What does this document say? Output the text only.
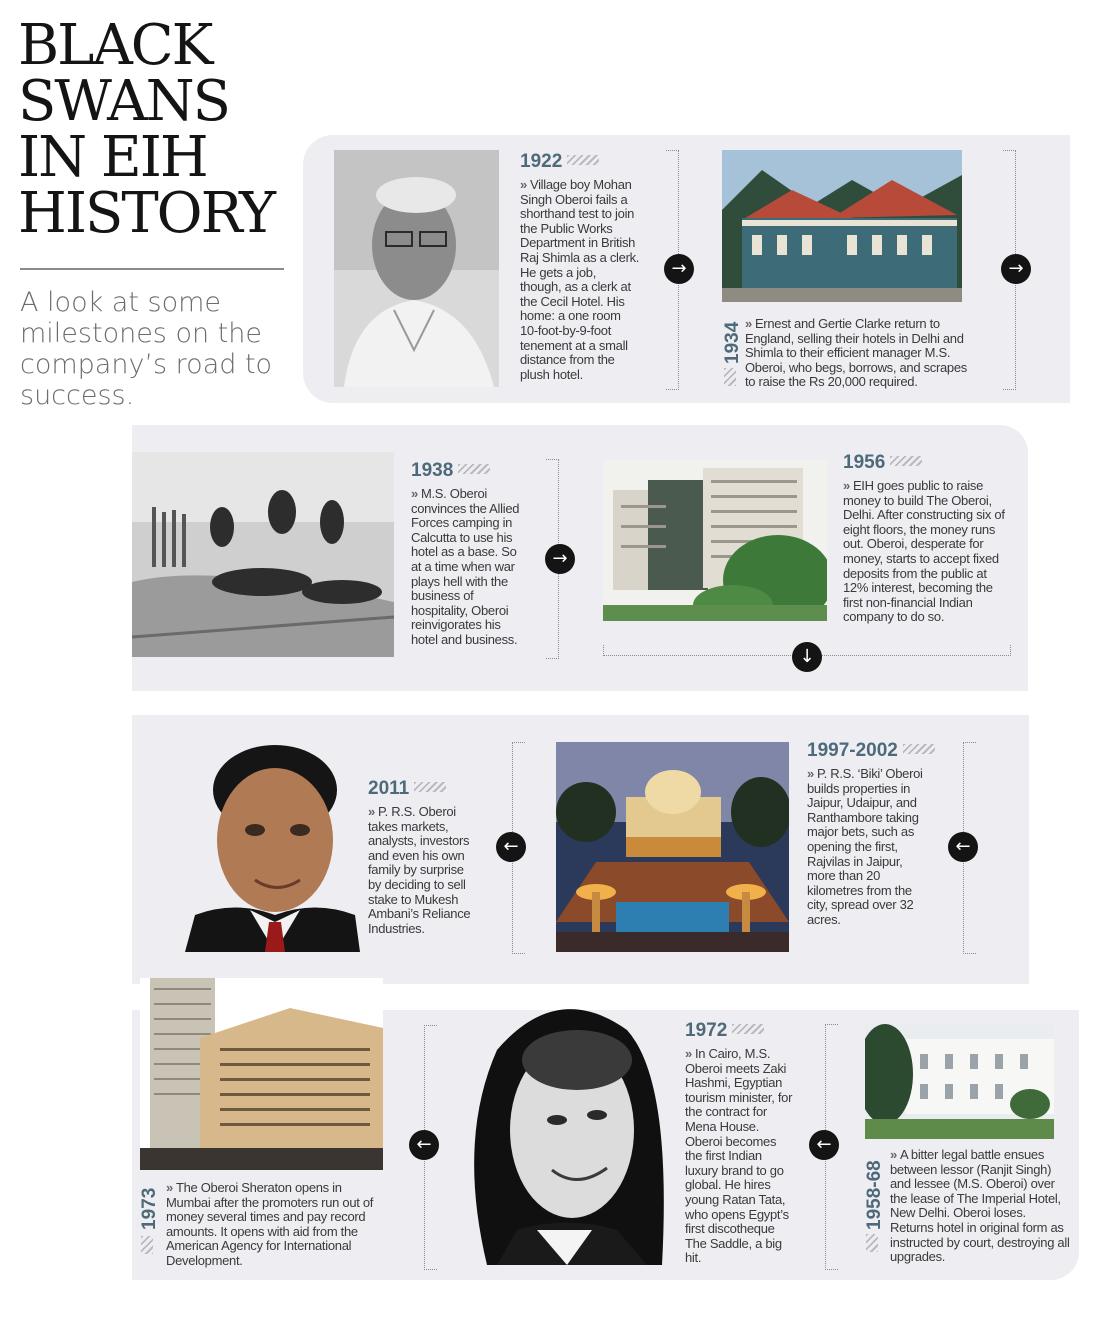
BLACK
SWANS
IN EIH
HISTORY

A look at some milestones on the company’s road to success.

1922

» Village boy Mohan Singh Oberoi fails a shorthand test to join the Public Works Department in British Raj Shimla as a clerk. He gets a job, though, as a clerk at the Cecil Hotel. His home: a one room 10-foot-by-9-foot tenement at a small distance from the plush hotel.

→
1934

» Ernest and Gertie Clarke return to England, selling their hotels in Delhi and Shimla to their efficient manager M.S. Oberoi, who begs, borrows, and scrapes to raise the Rs 20,000 required.

→
1938

» M.S. Oberoi convinces the Allied Forces camping in Calcutta to use his hotel as a base. So at a time when war plays hell with the business of hospitality, Oberoi reinvigorates his hotel and business.

→
1956

» EIH goes public to raise money to build The Oberoi, Delhi. After constructing six of eight floors, the money runs out. Oberoi, desperate for money, starts to accept fixed deposits from the public at 12% interest, becoming the first non-financial Indian company to do so.

↓
←
1997-2002

» P. R.S. ‘Biki’ Oberoi builds properties in Jaipur, Udaipur, and Ranthambore taking major bets, such as opening the first, Rajvilas in Jaipur, more than 20 kilometres from the city, spread over 32 acres.

←
2011

» P. R.S. Oberoi takes markets, analysts, investors and even his own family by surprise by deciding to sell stake to Mukesh Ambani’s Reliance Industries.

1958-68

» A bitter legal battle ensues between lessor (Ranjit Singh) and lessee (M.S. Oberoi) over the lease of The Imperial Hotel, New Delhi. Oberoi loses. Returns hotel in original form as instructed by court, destroying all upgrades.

←
1972

» In Cairo, M.S. Oberoi meets Zaki Hashmi, Egyptian tourism minister, for the contract for Mena House. Oberoi becomes the first Indian luxury brand to go global. He hires young Ratan Tata, who opens Egypt’s first discotheque The Saddle, a big hit.

←
1973

» The Oberoi Sheraton opens in Mumbai after the promoters run out of money several times and pay record amounts. It opens with aid from the American Agency for International Development.
